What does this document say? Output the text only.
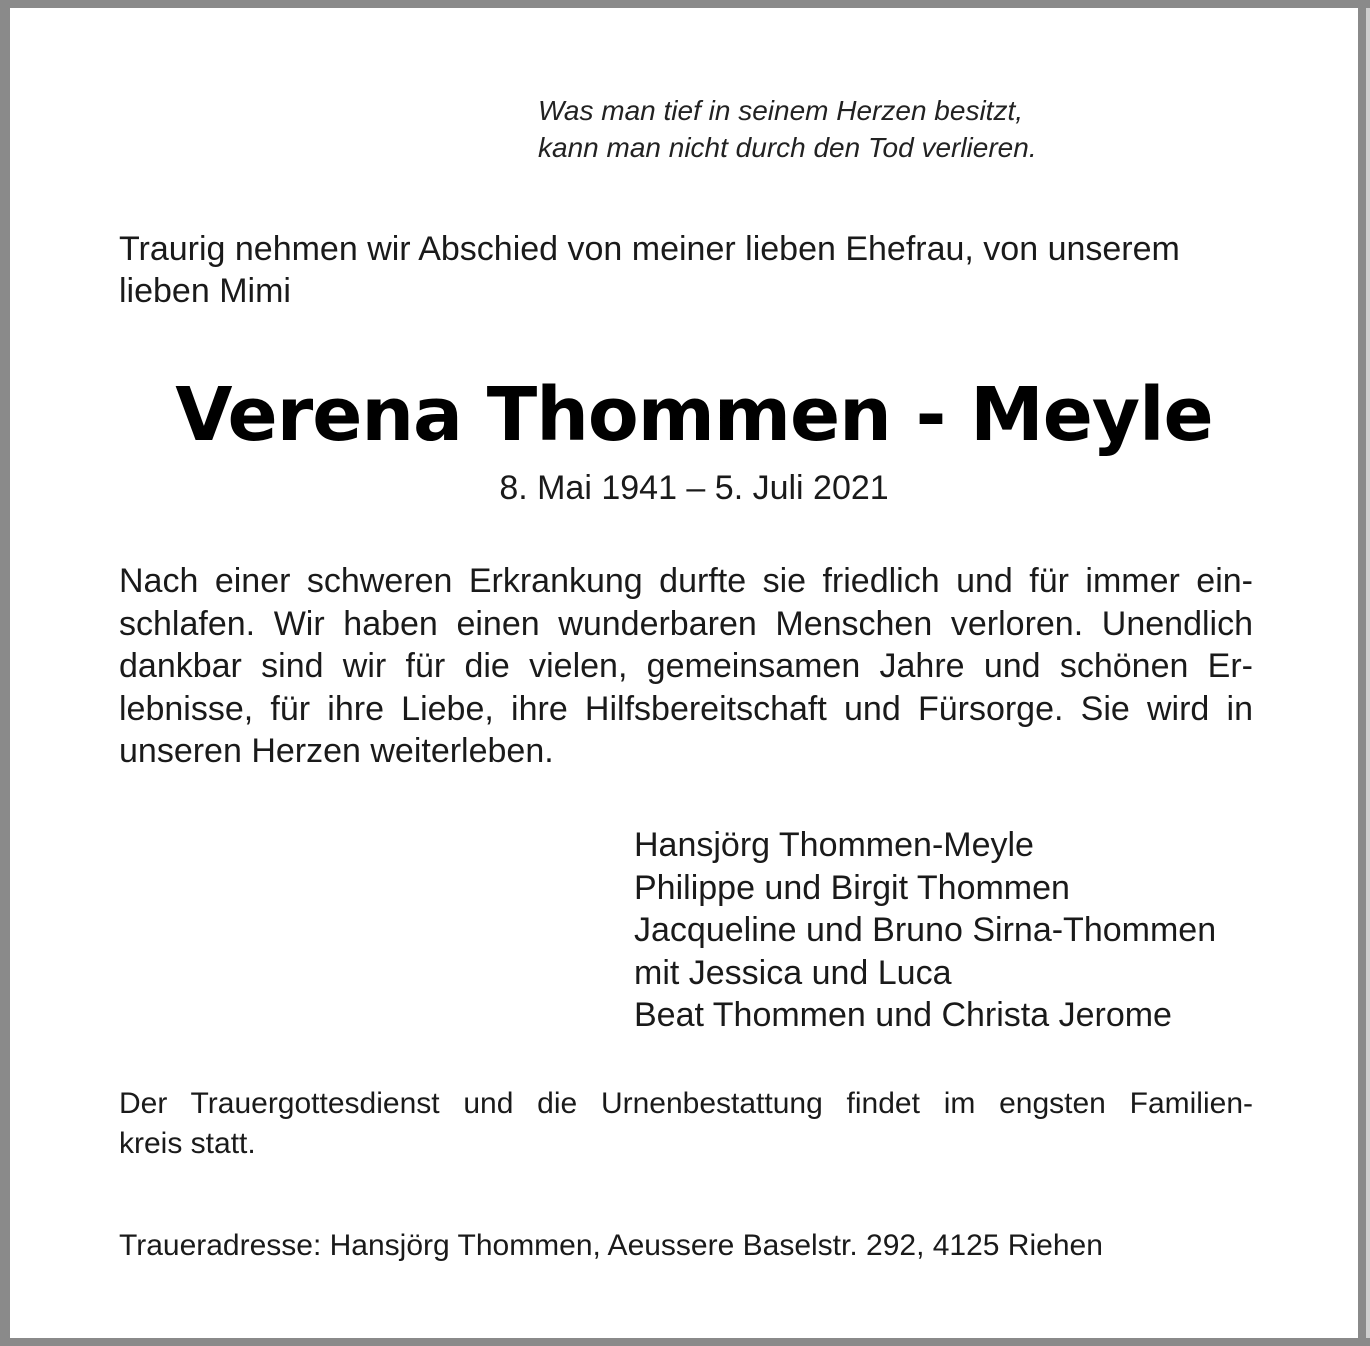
Was man tief in seinem Herzen besitzt,
kann man nicht durch den Tod verlieren.
Traurig nehmen wir Abschied von meiner lieben Ehefrau, von unserem
lieben Mimi
Verena Thommen - Meyle
8. Mai 1941 – 5. Juli 2021
Nach einer schweren Erkrankung durfte sie friedlich und für immer ein-
schlafen. Wir haben einen wunderbaren Menschen verloren. Unendlich
dankbar sind wir für die vielen, gemeinsamen Jahre und schönen Er-
lebnisse, für ihre Liebe, ihre Hilfsbereitschaft und Fürsorge. Sie wird in
unseren Herzen weiterleben.
Hansjörg Thommen-Meyle
Philippe und Birgit Thommen
Jacqueline und Bruno Sirna-Thommen
mit Jessica und Luca
Beat Thommen und Christa Jerome
Der Trauergottesdienst und die Urnenbestattung findet im engsten Familien-
kreis statt.
Traueradresse: Hansjörg Thommen, Aeussere Baselstr. 292, 4125 Riehen
